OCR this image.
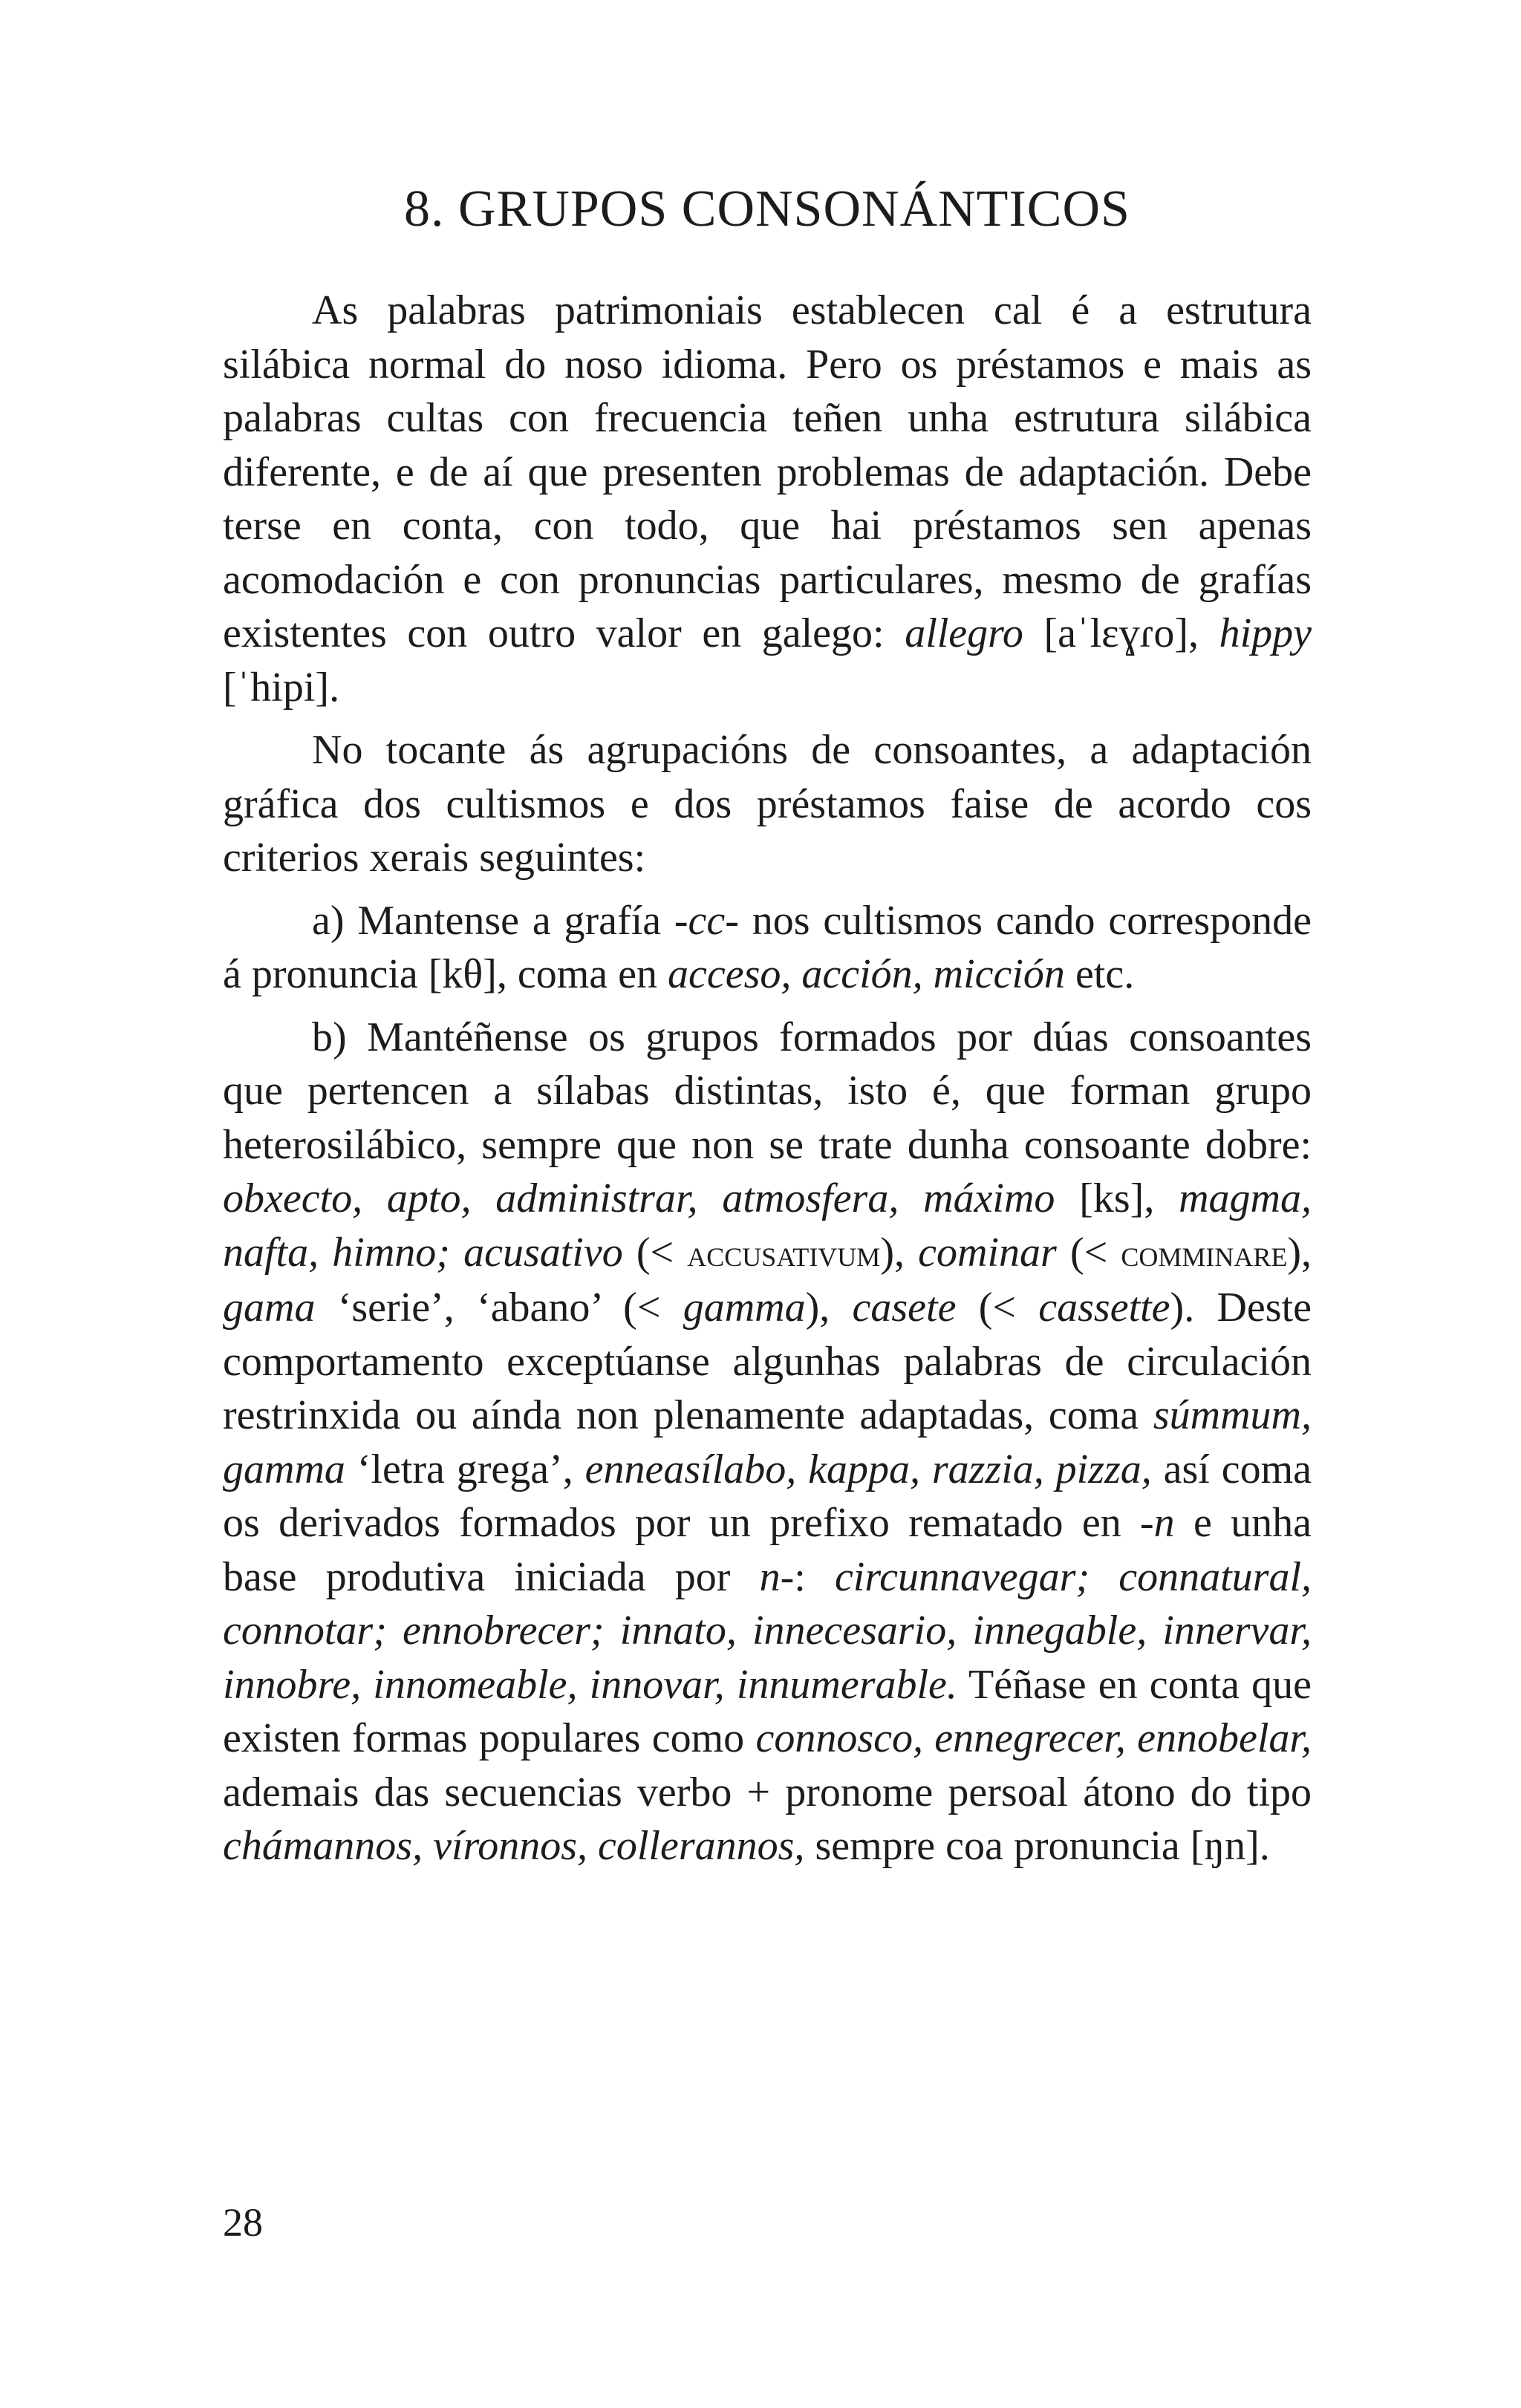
8. GRUPOS CONSONÁNTICOS

As palabras patrimoniais establecen cal é a estrutura silábica normal do noso idioma. Pero os préstamos e mais as palabras cultas con frecuencia teñen unha estrutura silábica diferente, e de aí que presenten problemas de adaptación. Debe terse en conta, con todo, que hai préstamos sen apenas acomodación e con pronuncias particulares, mesmo de grafías existentes con outro valor en galego: allegro [aˈlɛɣɾo], hippy [ˈhipi].

No tocante ás agrupacións de consoantes, a adaptación gráfica dos cultismos e dos préstamos faise de acordo cos criterios xerais seguintes:

a) Mantense a grafía -cc- nos cultismos cando corresponde á pronuncia [kθ], coma en acceso, acción, micción etc.

b) Mantéñense os grupos formados por dúas consoantes que pertencen a sílabas distintas, isto é, que forman grupo heterosilábico, sempre que non se trate dunha consoante dobre: obxecto, apto, administrar, atmosfera, máximo [ks], magma, nafta, himno; acusativo (< accusativum), cominar (< comminare), gama ‘serie’, ‘abano’ (< gamma), casete (< cassette). Deste comportamento exceptúanse algunhas palabras de circulación restrinxida ou aínda non plenamente adaptadas, coma súmmum, gamma ‘letra grega’, enneasílabo, kappa, razzia, pizza, así coma os derivados formados por un prefixo rematado en -n e unha base produtiva iniciada por n-: circunnavegar; connatural, connotar; ennobrecer; innato, innecesario, innegable, innervar, innobre, innomeable, innovar, innumerable. Téñase en conta que existen formas populares como connosco, ennegrecer, ennobelar, ademais das secuencias verbo + pronome persoal átono do tipo chámannos, víronnos, collerannos, sempre coa pronuncia [ŋn].

28
